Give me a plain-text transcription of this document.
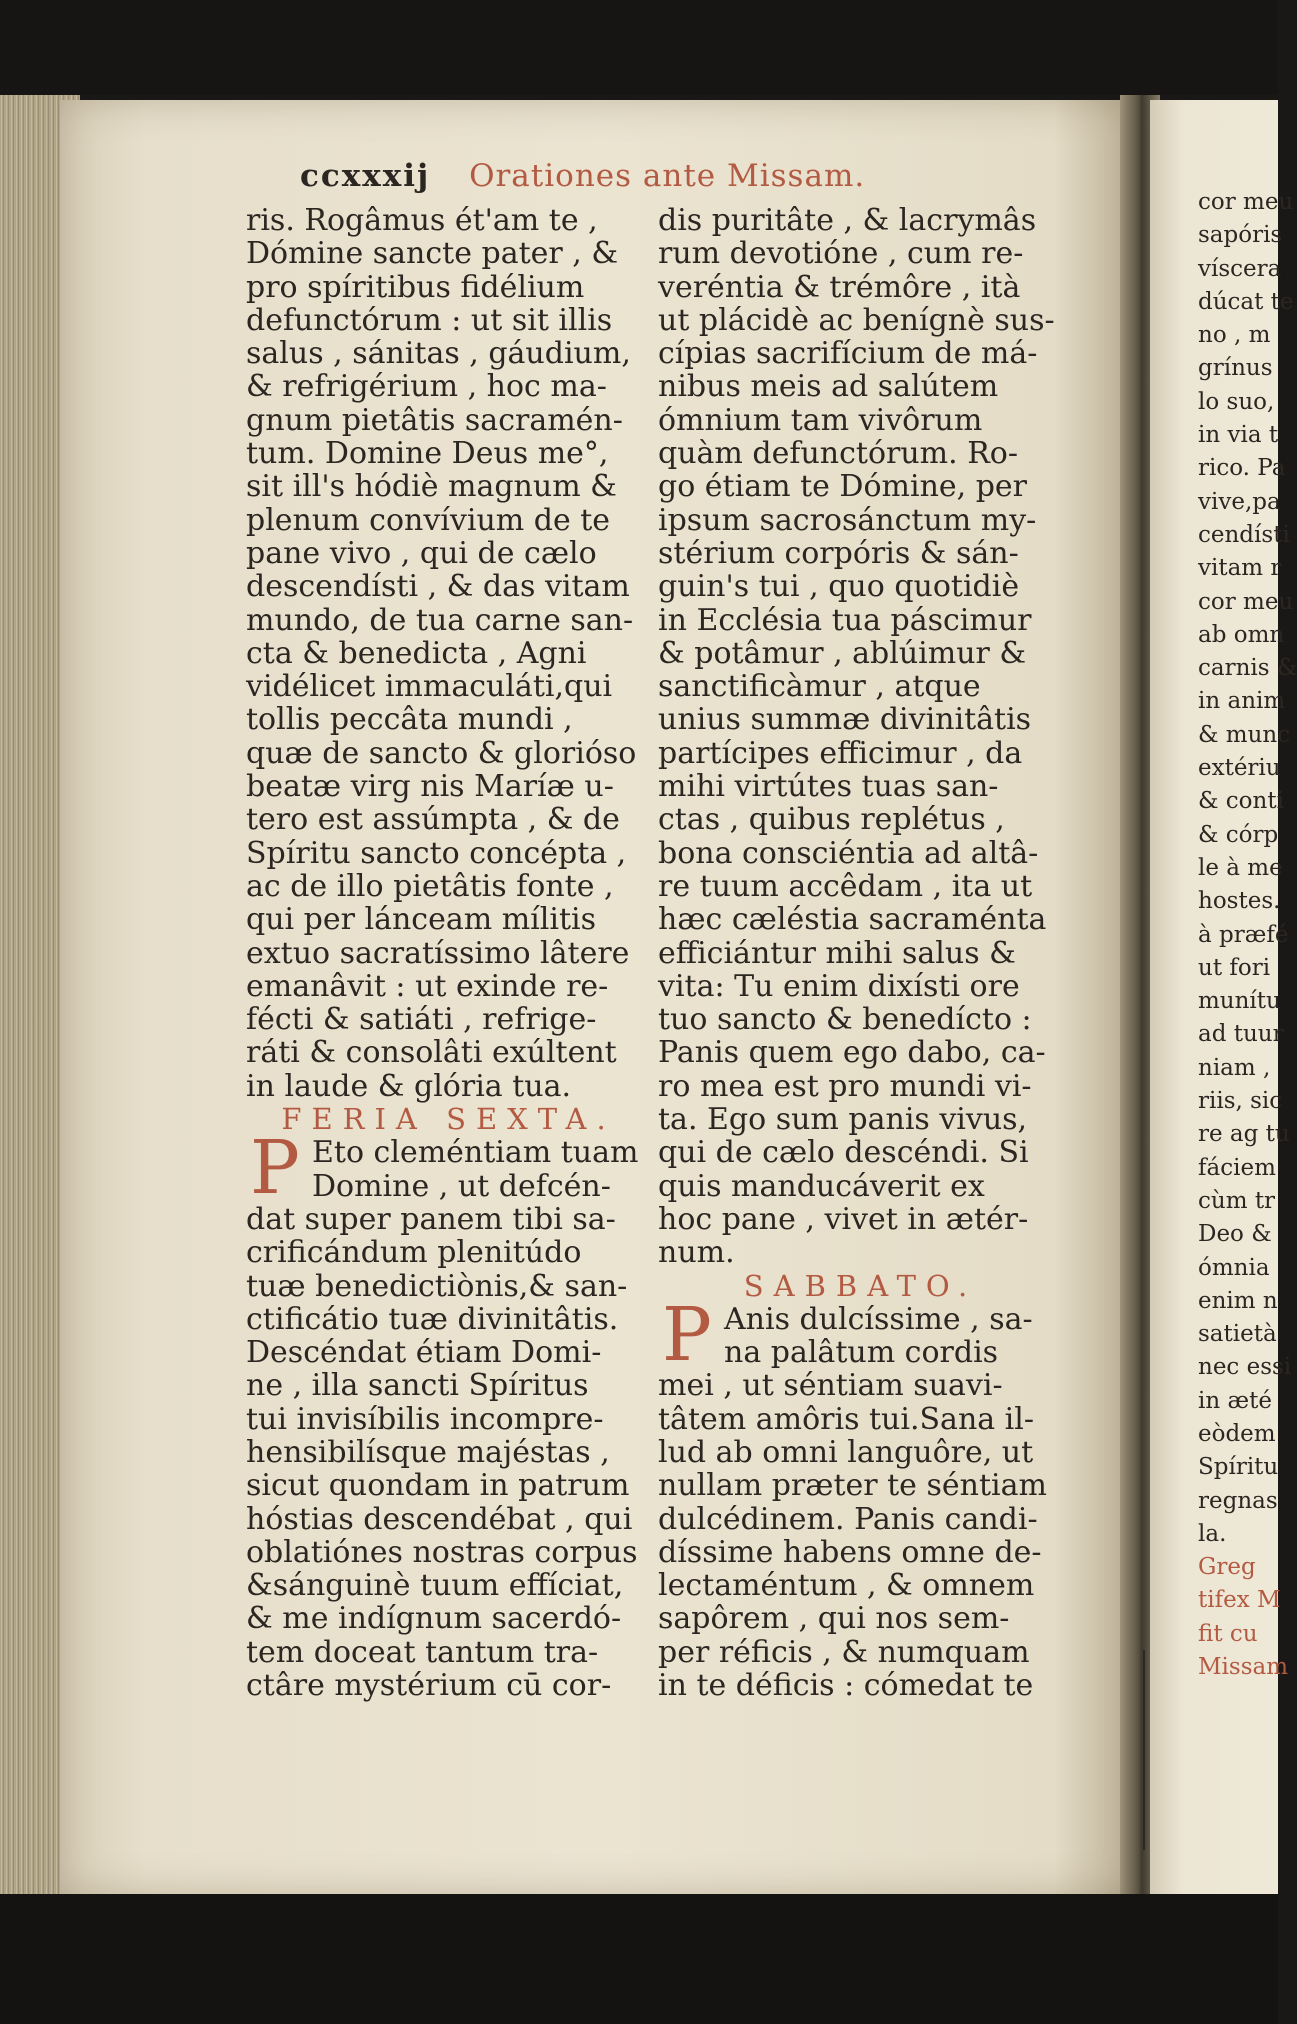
ccxxxij Orationes ante Missam.
ris. Rogâmus ét'am te ,
Dómine sancte pater , &
pro spíritibus fidélium
defunctórum : ut sit illis
salus , sánitas , gáudium,
& refrigérium , hoc ma-
gnum pietâtis sacramén-
tum. Domine Deus me°,
sit ill's hódiè magnum &
plenum convívium de te
pane vivo , qui de cælo
descendísti , & das vitam
mundo, de tua carne san-
cta & benedicta , Agni
vidélicet immaculáti,qui
tollis peccâta mundi ,
quæ de sancto & glorióso
beatæ virg nis Maríæ u-
tero est assúmpta , & de
Spíritu sancto concépta ,
ac de illo pietâtis fonte ,
qui per lánceam mílitis
extuo sacratíssimo lâtere
emanâvit : ut exinde re-
fécti & satiáti , refrige-
ráti & consolâti exúltent
in laude & glória tua.
FERIA SEXTA.
P Eto cleméntiam tuam
Domine , ut defcén-
dat super panem tibi sa-
crificándum plenitúdo
tuæ benedictiònis,& san-
ctificátio tuæ divinitâtis.
Descéndat étiam Domi-
ne , illa sancti Spíritus
tui invisíbilis incompre-
hensibilísque majéstas ,
sicut quondam in patrum
hóstias descendébat , qui
oblatiónes nostras corpus
&sánguinè tuum effíciat,
& me indígnum sacerdó-
tem doceat tantum tra-
ctâre mystérium cū cor-
dis puritâte , & lacrymâs
rum devotióne , cum re-
veréntia & trémôre , ità
ut plácidè ac benígnè sus-
cípias sacrifícium de má-
nibus meis ad salútem
ómnium tam vivôrum
quàm defunctórum. Ro-
go étiam te Dómine, per
ipsum sacrosánctum my-
stérium corpóris & sán-
guin's tui , quo quotidiè
in Ecclésia tua páscimur
& potâmur , ablúimur &
sanctificàmur , atque
unius summæ divinitâtis
partícipes efficimur , da
mihi virtútes tuas san-
ctas , quibus replétus ,
bona consciéntia ad altâ-
re tuum accêdam , ita ut
hæc cæléstia sacraménta
efficiántur mihi salus &
vita: Tu enim dixísti ore
tuo sancto & benedícto :
Panis quem ego dabo, ca-
ro mea est pro mundi vi-
ta. Ego sum panis vivus,
qui de cælo descéndi. Si
quis manducáverit ex
hoc pane , vivet in ætér-
num.
SABBATO.
P Anis dulcíssime , sa-
na palâtum cordis
mei , ut séntiam suavi-
tâtem amôris tui.Sana il-
lud ab omni languôre, ut
nullam præter te séntiam
dulcédinem. Panis candi-
díssime habens omne de-
lectaméntum , & omnem
sapôrem , qui nos sem-
per réficis , & numquam
in te déficis : cómedat te
cor meu
sapóris
víscera
dúcat te
no , m
grínus
lo suo,
in via t
rico. Pa
vive,pa
cendísti
vitam r
cor meu
ab omn
carnis &
in anim
& munc
extériu
& conti
& córp
le à me
hostes.
à præfé
ut fori
munítu
ad tuur
niam ,
riis, sic
re ag tu
fáciem
cùm tr
Deo &
ómnia
enim n
satietà
nec essi
in æté
eòdem
Spíritu
regnas
la.
Greg
tifex M
fit cu
Missam
